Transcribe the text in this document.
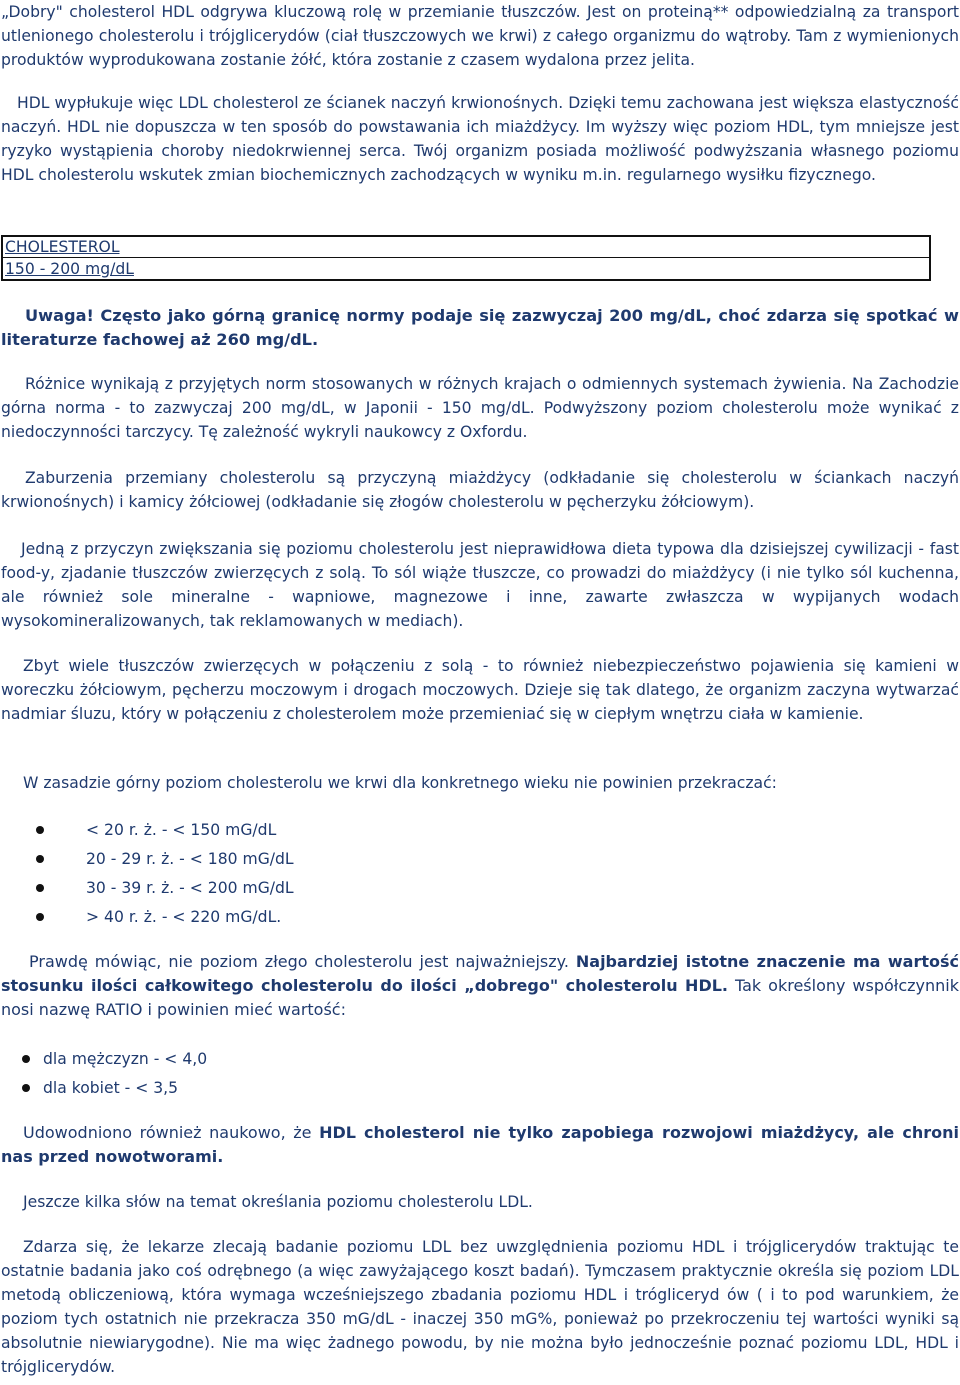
„Dobry" cholesterol HDL odgrywa kluczową rolę w przemianie tłuszczów. Jest on proteiną** odpowiedzialną za transport utlenionego cholesterolu i trójglicerydów (ciał tłuszczowych we krwi) z całego organizmu do wątroby. Tam z wymienionych produktów wyprodukowana zostanie żółć, która zostanie z czasem wydalona przez jelita.

HDL wypłukuje więc LDL cholesterol ze ścianek naczyń krwionośnych. Dzięki temu zachowana jest większa elastyczność naczyń. HDL nie dopuszcza w ten sposób do powstawania ich miażdżycy. Im wyższy więc poziom HDL, tym mniejsze jest ryzyko wystąpienia choroby niedokrwiennej serca. Twój organizm posiada możliwość podwyższania własnego poziomu HDL cholesterolu wskutek zmian biochemicznych zachodzących w wyniku m.in. regularnego wysiłku fizycznego.

CHOLESTEROL
150 - 200 mg/dL

Uwaga! Często jako górną granicę normy podaje się zazwyczaj 200 mg/dL, choć zdarza się spotkać w literaturze fachowej aż 260 mg/dL.

Różnice wynikają z przyjętych norm stosowanych w różnych krajach o odmiennych systemach żywienia. Na Zachodzie górna norma - to zazwyczaj 200 mg/dL, w Japonii - 150 mg/dL. Podwyższony poziom cholesterolu może wynikać z niedoczynności tarczycy. Tę zależność wykryli naukowcy z Oxfordu.

Zaburzenia przemiany cholesterolu są przyczyną miażdżycy (odkładanie się cholesterolu w ściankach naczyń krwionośnych) i kamicy żółciowej (odkładanie się złogów cholesterolu w pęcherzyku żółciowym).

Jedną z przyczyn zwiększania się poziomu cholesterolu jest nieprawidłowa dieta typowa dla dzisiejszej cywilizacji - fast food-y, zjadanie tłuszczów zwierzęcych z solą. To sól wiąże tłuszcze, co prowadzi do miażdżycy (i nie tylko sól kuchenna, ale również sole mineralne - wapniowe, magnezowe i inne, zawarte zwłaszcza w wypijanych wodach wysokomineralizowanych, tak reklamowanych w mediach).

Zbyt wiele tłuszczów zwierzęcych w połączeniu z solą - to również niebezpieczeństwo pojawienia się kamieni w woreczku żółciowym, pęcherzu moczowym i drogach moczowych. Dzieje się tak dlatego, że organizm zaczyna wytwarzać nadmiar śluzu, który w połączeniu z cholesterolem może przemieniać się w ciepłym wnętrzu ciała w kamienie.

W zasadzie górny poziom cholesterolu we krwi dla konkretnego wieku nie powinien przekraczać:

< 20 r. ż. - < 150 mG/dL
20 - 29 r. ż. - < 180 mG/dL
30 - 39 r. ż. - < 200 mG/dL
> 40 r. ż. - < 220 mG/dL.

Prawdę mówiąc, nie poziom złego cholesterolu jest najważniejszy. Najbardziej istotne znaczenie ma wartość stosunku ilości całkowitego cholesterolu do ilości „dobrego" cholesterolu HDL. Tak określony współczynnik nosi nazwę RATIO i powinien mieć wartość:

dla mężczyzn - < 4,0
dla kobiet - < 3,5

Udowodniono również naukowo, że HDL cholesterol nie tylko zapobiega rozwojowi miażdżycy, ale chroni nas przed nowotworami.

Jeszcze kilka słów na temat określania poziomu cholesterolu LDL.

Zdarza się, że lekarze zlecają badanie poziomu LDL bez uwzględnienia poziomu HDL i trójglicerydów traktując te ostatnie badania jako coś odrębnego (a więc zawyżającego koszt badań). Tymczasem praktycznie określa się poziom LDL metodą obliczeniową, która wymaga wcześniejszego zbadania poziomu HDL i trógliceryd ów ( i to pod warunkiem, że poziom tych ostatnich nie przekracza 350 mG/dL - inaczej 350 mG%, ponieważ po przekroczeniu tej wartości wyniki są absolutnie niewiarygodne). Nie ma więc żadnego powodu, by nie można było jednocześnie poznać poziomu LDL, HDL i trójglicerydów.
